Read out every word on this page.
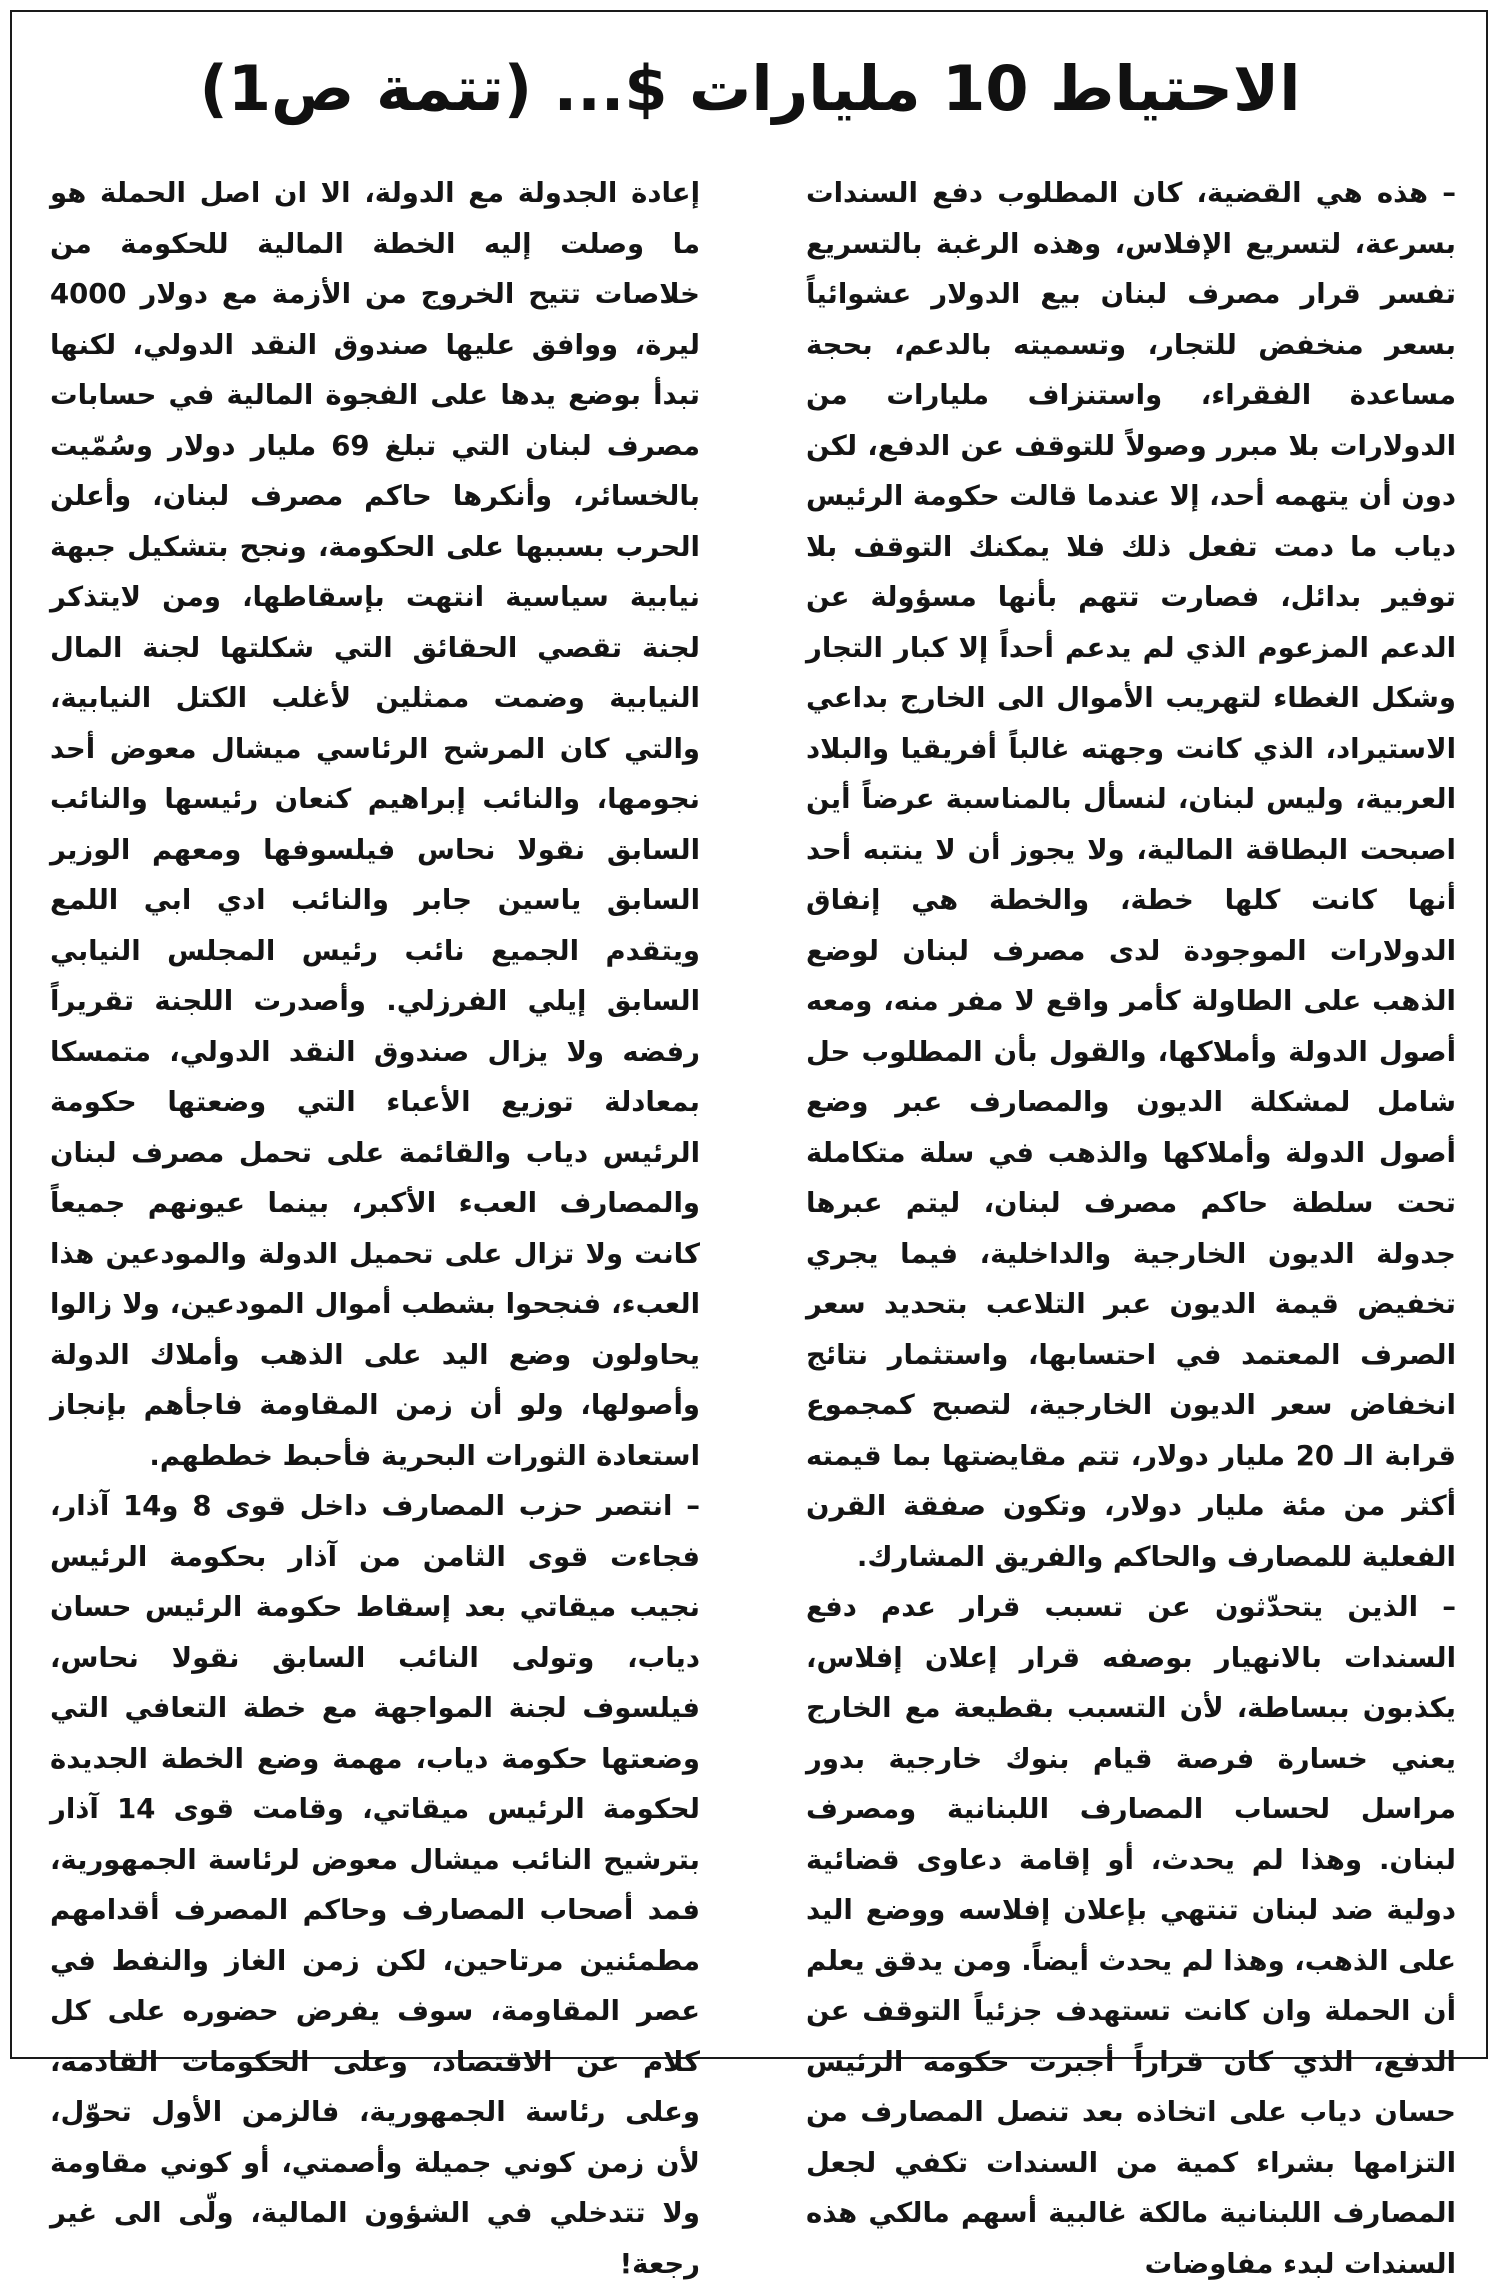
الاحتياط 10 مليارات $... (تتمة ص1)

– هذه هي القضية، كان المطلوب دفع السندات بسرعة، لتسريع الإفلاس، وهذه الرغبة بالتسريع تفسر قرار مصرف لبنان بيع الدولار عشوائياً بسعر منخفض للتجار، وتسميته بالدعم، بحجة مساعدة الفقراء، واستنزاف مليارات من الدولارات بلا مبرر وصولاً للتوقف عن الدفع، لكن دون أن يتهمه أحد، إلا عندما قالت حكومة الرئيس دياب ما دمت تفعل ذلك فلا يمكنك التوقف بلا توفير بدائل، فصارت تتهم بأنها مسؤولة عن الدعم المزعوم الذي لم يدعم أحداً إلا كبار التجار وشكل الغطاء لتهريب الأموال الى الخارج بداعي الاستيراد، الذي كانت وجهته غالباً أفريقيا والبلاد العربية، وليس لبنان، لنسأل بالمناسبة عرضاً أين اصبحت البطاقة المالية، ولا يجوز أن لا ينتبه أحد أنها كانت كلها خطة، والخطة هي إنفاق الدولارات الموجودة لدى مصرف لبنان لوضع الذهب على الطاولة كأمر واقع لا مفر منه، ومعه أصول الدولة وأملاكها، والقول بأن المطلوب حل شامل لمشكلة الديون والمصارف عبر وضع أصول الدولة وأملاكها والذهب في سلة متكاملة تحت سلطة حاكم مصرف لبنان، ليتم عبرها جدولة الديون الخارجية والداخلية، فيما يجري تخفيض قيمة الديون عبر التلاعب بتحديد سعر الصرف المعتمد في احتسابها، واستثمار نتائج انخفاض سعر الديون الخارجية، لتصبح كمجموع قرابة الـ 20 مليار دولار، تتم مقايضتها بما قيمته أكثر من مئة مليار دولار، وتكون صفقة القرن الفعلية للمصارف والحاكم والفريق المشارك.

– الذين يتحدّثون عن تسبب قرار عدم دفع السندات بالانهيار بوصفه قرار إعلان إفلاس، يكذبون ببساطة، لأن التسبب بقطيعة مع الخارج يعني خسارة فرصة قيام بنوك خارجية بدور مراسل لحساب المصارف اللبنانية ومصرف لبنان. وهذا لم يحدث، أو إقامة دعاوى قضائية دولية ضد لبنان تنتهي بإعلان إفلاسه ووضع اليد على الذهب، وهذا لم يحدث أيضاً. ومن يدقق يعلم أن الحملة وان كانت تستهدف جزئياً التوقف عن الدفع، الذي كان قراراً أجبرت حكومة الرئيس حسان دياب على اتخاذه بعد تنصل المصارف من التزامها بشراء كمية من السندات تكفي لجعل المصارف اللبنانية مالكة غالبية أسهم مالكي هذه السندات لبدء مفاوضات

إعادة الجدولة مع الدولة، الا ان اصل الحملة هو ما وصلت إليه الخطة المالية للحكومة من خلاصات تتيح الخروج من الأزمة مع دولار 4000 ليرة، ووافق عليها صندوق النقد الدولي، لكنها تبدأ بوضع يدها على الفجوة المالية في حسابات مصرف لبنان التي تبلغ 69 مليار دولار وسُمّيت بالخسائر، وأنكرها حاكم مصرف لبنان، وأعلن الحرب بسببها على الحكومة، ونجح بتشكيل جبهة نيابية سياسية انتهت بإسقاطها، ومن لايتذكر لجنة تقصي الحقائق التي شكلتها لجنة المال النيابية وضمت ممثلين لأغلب الكتل النيابية، والتي كان المرشح الرئاسي ميشال معوض أحد نجومها، والنائب إبراهيم كنعان رئيسها والنائب السابق نقولا نحاس فيلسوفها ومعهم الوزير السابق ياسين جابر والنائب ادي ابي اللمع ويتقدم الجميع نائب رئيس المجلس النيابي السابق إيلي الفرزلي. وأصدرت اللجنة تقريراً رفضه ولا يزال صندوق النقد الدولي، متمسكا بمعادلة توزيع الأعباء التي وضعتها حكومة الرئيس دياب والقائمة على تحمل مصرف لبنان والمصارف العبء الأكبر، بينما عيونهم جميعاً كانت ولا تزال على تحميل الدولة والمودعين هذا العبء، فنجحوا بشطب أموال المودعين، ولا زالوا يحاولون وضع اليد على الذهب وأملاك الدولة وأصولها، ولو أن زمن المقاومة فاجأهم بإنجاز استعادة الثورات البحرية فأحبط خططهم.

– انتصر حزب المصارف داخل قوى 8 و14 آذار، فجاءت قوى الثامن من آذار بحكومة الرئيس نجيب ميقاتي بعد إسقاط حكومة الرئيس حسان دياب، وتولى النائب السابق نقولا نحاس، فيلسوف لجنة المواجهة مع خطة التعافي التي وضعتها حكومة دياب، مهمة وضع الخطة الجديدة لحكومة الرئيس ميقاتي، وقامت قوى 14 آذار بترشيح النائب ميشال معوض لرئاسة الجمهورية، فمد أصحاب المصارف وحاكم المصرف أقدامهم مطمئنين مرتاحين، لكن زمن الغاز والنفط في عصر المقاومة، سوف يفرض حضوره على كل كلام عن الاقتصاد، وعلى الحكومات القادمة، وعلى رئاسة الجمهورية، فالزمن الأول تحوّل، لأن زمن كوني جميلة وأصمتي، أو كوني مقاومة ولا تتدخلي في الشؤون المالية، ولّى الى غير رجعة!
